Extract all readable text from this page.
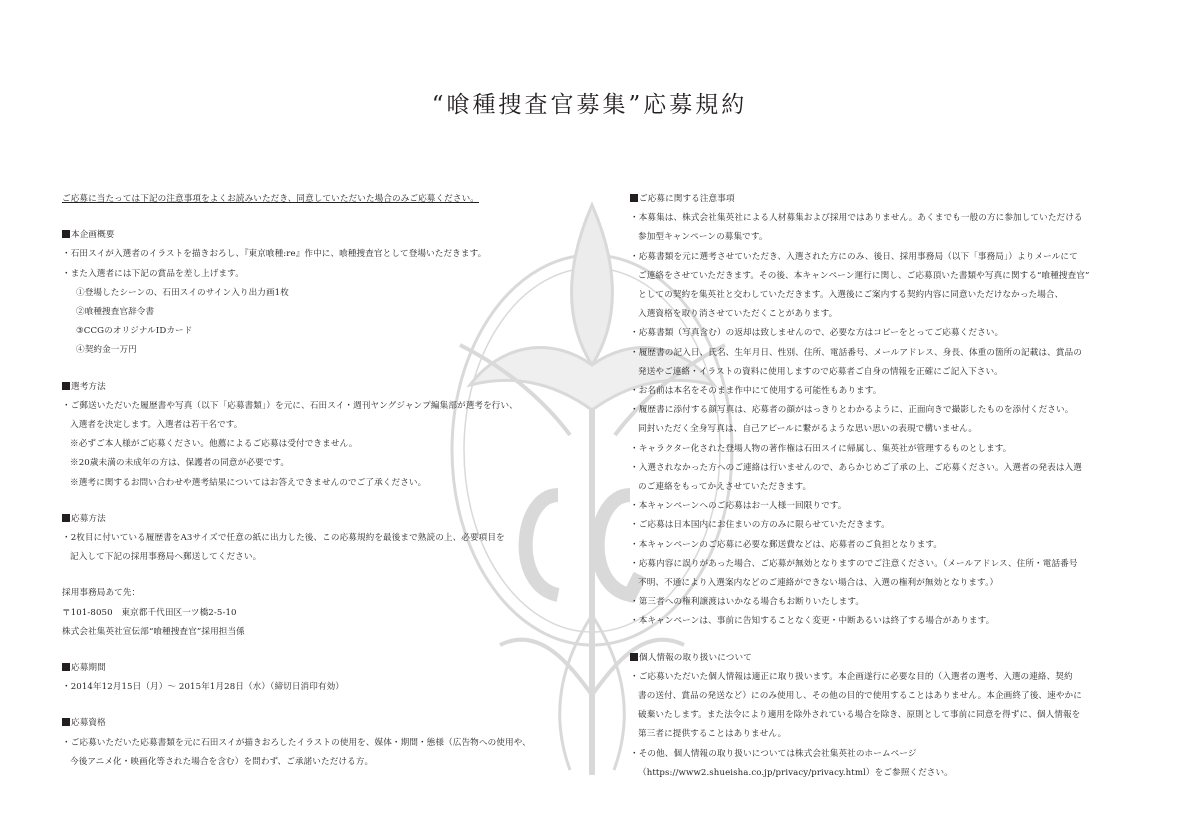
“喰種捜査官募集”応募規約

ご応募に当たっては下記の注意事項をよくお読みいただき、同意していただいた場合のみご応募ください。

本企画概要

・石田スイが入選者のイラストを描きおろし、『東京喰種:re』作中に、喰種捜査官として登場いただきます。

・また入選者には下記の賞品を差し上げます。

①登場したシーンの、石田スイのサイン入り出力画1枚

②喰種捜査官辞令書

③CCGのオリジナルIDカード

④契約金一万円

選考方法

・ご郵送いただいた履歴書や写真（以下「応募書類」）を元に、石田スイ・週刊ヤングジャンプ編集部が選考を行い、

入選者を決定します。入選者は若干名です。

※必ずご本人様がご応募ください。他薦によるご応募は受付できません。

※20歳未満の未成年の方は、保護者の同意が必要です。

※選考に関するお問い合わせや選考結果についてはお答えできませんのでご了承ください。

応募方法

・2枚目に付いている履歴書をA3サイズで任意の紙に出力した後、この応募規約を最後まで熟読の上、必要項目を

記入して下記の採用事務局へ郵送してください。

採用事務局あて先：

〒101-8050　東京都千代田区一ツ橋2-5-10

株式会社集英社宣伝部“喰種捜査官”採用担当係

応募期間

・2014年12月15日（月）～ 2015年1月28日（水）（締切日消印有効）

応募資格

・ご応募いただいた応募書類を元に石田スイが描きおろしたイラストの使用を、媒体・期間・態様（広告物への使用や、

今後アニメ化・映画化等された場合を含む）を問わず、ご承諾いただける方。

ご応募に関する注意事項

・本募集は、株式会社集英社による人材募集および採用ではありません。あくまでも一般の方に参加していただける

参加型キャンペーンの募集です。

・応募書類を元に選考させていただき、入選された方にのみ、後日、採用事務局（以下「事務局」）よりメールにて

ご連絡をさせていただきます。その後、本キャンペーン運行に関し、ご応募頂いた書類や写真に関する“喰種捜査官”

としての契約を集英社と交わしていただきます。入選後にご案内する契約内容に同意いただけなかった場合、

入選資格を取り消させていただくことがあります。

・応募書類（写真含む）の返却は致しませんので、必要な方はコピーをとってご応募ください。

・履歴書の記入日、氏名、生年月日、性別、住所、電話番号、メールアドレス、身長、体重の箇所の記載は、賞品の

発送やご連絡・イラストの資料に使用しますので応募者ご自身の情報を正確にご記入下さい。

・お名前は本名をそのまま作中にて使用する可能性もあります。

・履歴書に添付する顔写真は、応募者の顔がはっきりとわかるように、正面向きで撮影したものを添付ください。

同封いただく全身写真は、自己アピールに繋がるような思い思いの表現で構いません。

・キャラクター化された登場人物の著作権は石田スイに帰属し、集英社が管理するものとします。

・入選されなかった方へのご連絡は行いませんので、あらかじめご了承の上、ご応募ください。入選者の発表は入選

のご連絡をもってかえさせていただきます。

・本キャンペーンへのご応募はお一人様一回限りです。

・ご応募は日本国内にお住まいの方のみに限らせていただきます。

・本キャンペーンのご応募に必要な郵送費などは、応募者のご負担となります。

・応募内容に誤りがあった場合、ご応募が無効となりますのでご注意ください。（メールアドレス、住所・電話番号

不明、不通により入選案内などのご連絡ができない場合は、入選の権利が無効となります。）

・第三者への権利譲渡はいかなる場合もお断りいたします。

・本キャンペーンは、事前に告知することなく変更・中断あるいは終了する場合があります。

個人情報の取り扱いについて

・ご応募いただいた個人情報は適正に取り扱います。本企画遂行に必要な目的（入選者の選考、入選の連絡、契約

書の送付、賞品の発送など）にのみ使用し、その他の目的で使用することはありません。本企画終了後、速やかに

破棄いたします。また法令により適用を除外されている場合を除き、原則として事前に同意を得ずに、個人情報を

第三者に提供することはありません。

・その他、個人情報の取り扱いについては株式会社集英社のホームページ

（https://www2.shueisha.co.jp/privacy/privacy.html）をご参照ください。
